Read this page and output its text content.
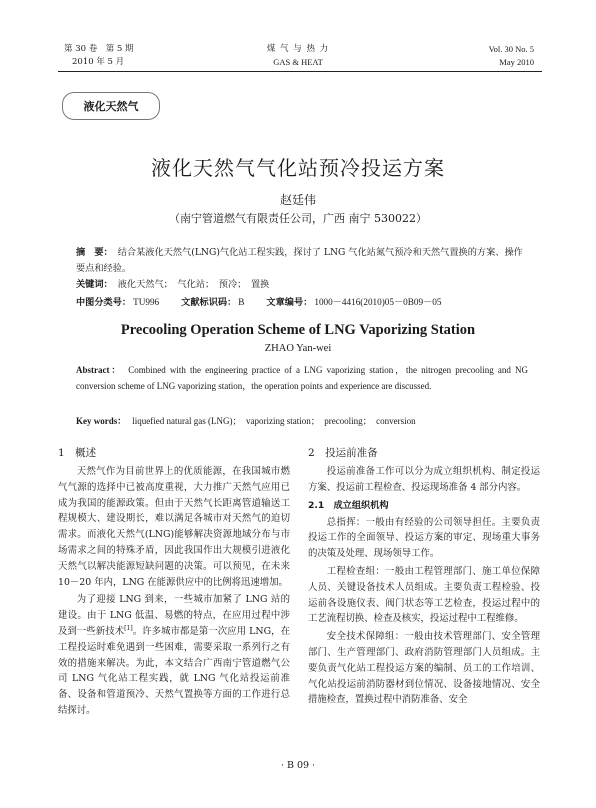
第 30 卷　第 5 期
2010 年 5 月
煤 气 与 热 力
GAS & HEAT
Vol. 30 No. 5
May 2010
液化天然气
液化天然气气化站预冷投运方案
赵廷伟
（南宁管道燃气有限责任公司，广西 南宁 530022）
摘　要： 结合某液化天然气(LNG)气化站工程实践，探讨了 LNG 气化站氮气预冷和天然气置换的方案、操作要点和经验。
关键词： 液化天然气；　气化站；　预冷；　置换
中图分类号： TU996 文献标识码： B 文章编号： 1000－4416(2010)05－0B09－05
Precooling Operation Scheme of LNG Vaporizing Station
ZHAO Yan-wei
Abstract： Combined with the engineering practice of a LNG vaporizing station，the nitrogen precooling and NG conversion scheme of LNG vaporizing station，the operation points and experience are discussed.
Key words： liquefied natural gas (LNG)；　vaporizing station；　precooling；　conversion
1　概述

天然气作为目前世界上的优质能源，在我国城市燃气气源的选择中已被高度重视，大力推广天然气应用已成为我国的能源政策。但由于天然气长距离管道输送工程规模大、建设期长，难以满足各城市对天然气的迫切需求。而液化天然气(LNG)能够解决资源地域分布与市场需求之间的特殊矛盾，因此我国作出大规模引进液化天然气以解决能源短缺问题的决策。可以预见，在未来 10－20 年内，LNG 在能源供应中的比例将迅速增加。

为了迎接 LNG 到来，一些城市加紧了 LNG 站的建设。由于 LNG 低温、易燃的特点，在应用过程中涉及到一些新技术[1]。许多城市都是第一次应用 LNG，在工程投运时难免遇到一些困难，需要采取一系列行之有效的措施来解决。为此，本文结合广西南宁管道燃气公司 LNG 气化站工程实践，就 LNG 气化站投运前准备、设备和管道预冷、天然气置换等方面的工作进行总结探讨。

2　投运前准备

投运前准备工作可以分为成立组织机构、制定投运方案、投运前工程检查、投运现场准备 4 部分内容。

2.1　成立组织机构

总指挥：一般由有经验的公司领导担任。主要负责投运工作的全面领导、投运方案的审定、现场重大事务的决策及处理、现场领导工作。

工程检查组：一般由工程管理部门、施工单位保障人员、关键设备技术人员组成。主要负责工程检验、投运前各设施仪表、阀门状态等工艺检查，投运过程中的工艺流程切换、检查及核实，投运过程中工程维修。

安全技术保障组：一般由技术管理部门、安全管理部门、生产管理部门、政府消防管理部门人员组成。主要负责气化站工程投运方案的编制、员工的工作培训、气化站投运前消防器材到位情况、设备接地情况、安全措施检查，置换过程中消防准备、安全

· B 09 ·
